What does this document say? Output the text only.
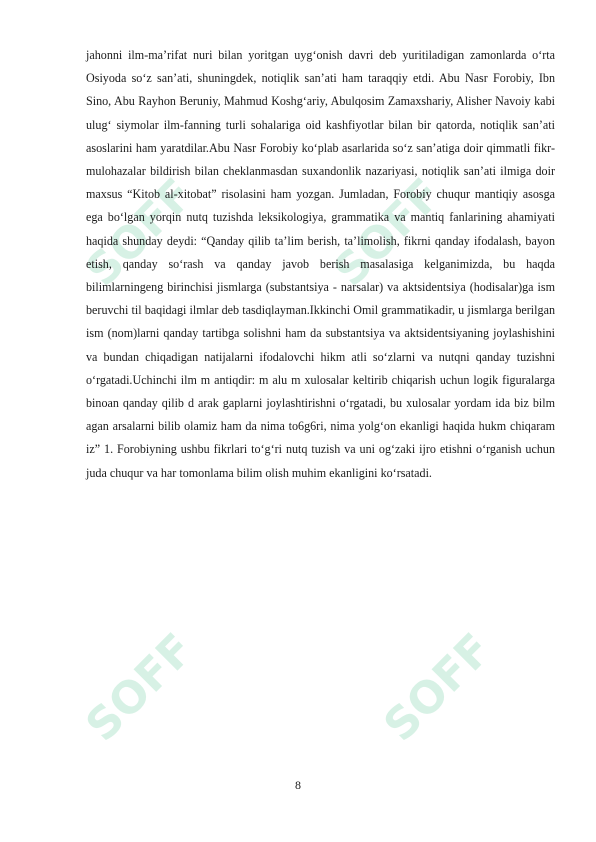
SOFF	SOFF
SOFF	SOFF

jahonni ilm-ma’rifat nuri bilan yoritgan uyg‘onish davri deb yuritiladigan zamonlarda o‘rta Osiyoda so‘z san’ati, shuningdek, notiqlik san’ati ham taraqqiy etdi. Abu Nasr Forobiy, Ibn Sino, Abu Rayhon Beruniy, Mahmud Koshg‘ariy, Abulqosim Zamaxshariy, Alisher Navoiy kabi ulug‘ siymolar ilm-fanning turli sohalariga oid kashfiyotlar bilan bir qatorda, notiqlik san’ati asoslarini ham yaratdilar.Abu Nasr Forobiy ko‘plab asarlarida so‘z san’atiga doir qimmatli fikr-mulohazalar bildirish bilan cheklanmasdan suxandonlik nazariyasi, notiqlik san’ati ilmiga doir maxsus “Kitob al-xitobat” risolasini ham yozgan. Jumladan, Forobiy chuqur mantiqiy asosga ega bo‘lgan yorqin nutq tuzishda leksikologiya, grammatika va mantiq fanlarining ahamiyati haqida shunday deydi: “Qanday qilib ta’lim berish, ta’limolish, fikrni qanday ifodalash, bayon etish, qanday so‘rash va qanday javob berish masalasiga kelganimizda, bu haqda bilimlarningeng birinchisi jismlarga (substantsiya - narsalar) va aktsidentsiya (hodisalar)ga ism beruvchi til baqidagi ilmlar deb tasdiqlayman.Ikkinchi Omil grammatikadir, u jismlarga berilgan ism (nom)larni qanday tartibga solishni ham da substantsiya va aktsidentsiyaning joylashishini va bundan chiqadigan natijalarni ifodalovchi hikm atli so‘zlarni va nutqni qanday tuzishni o‘rgatadi.Uchinchi ilm m antiqdir: m alu m xulosalar keltirib chiqarish uchun logik figuralarga binoan qanday qilib d arak gaplarni joylashtirishni o‘rgatadi, bu xulosalar yordam ida biz bilm agan arsalarni bilib olamiz ham da nima to6g6ri, nima yolg‘on ekanligi haqida hukm chiqaram iz” 1. Forobiyning ushbu fikrlari to‘g‘ri nutq tuzish va uni og‘zaki ijro etishni o‘rganish uchun juda chuqur va har tomonlama bilim olish muhim ekanligini ko‘rsatadi.

8
